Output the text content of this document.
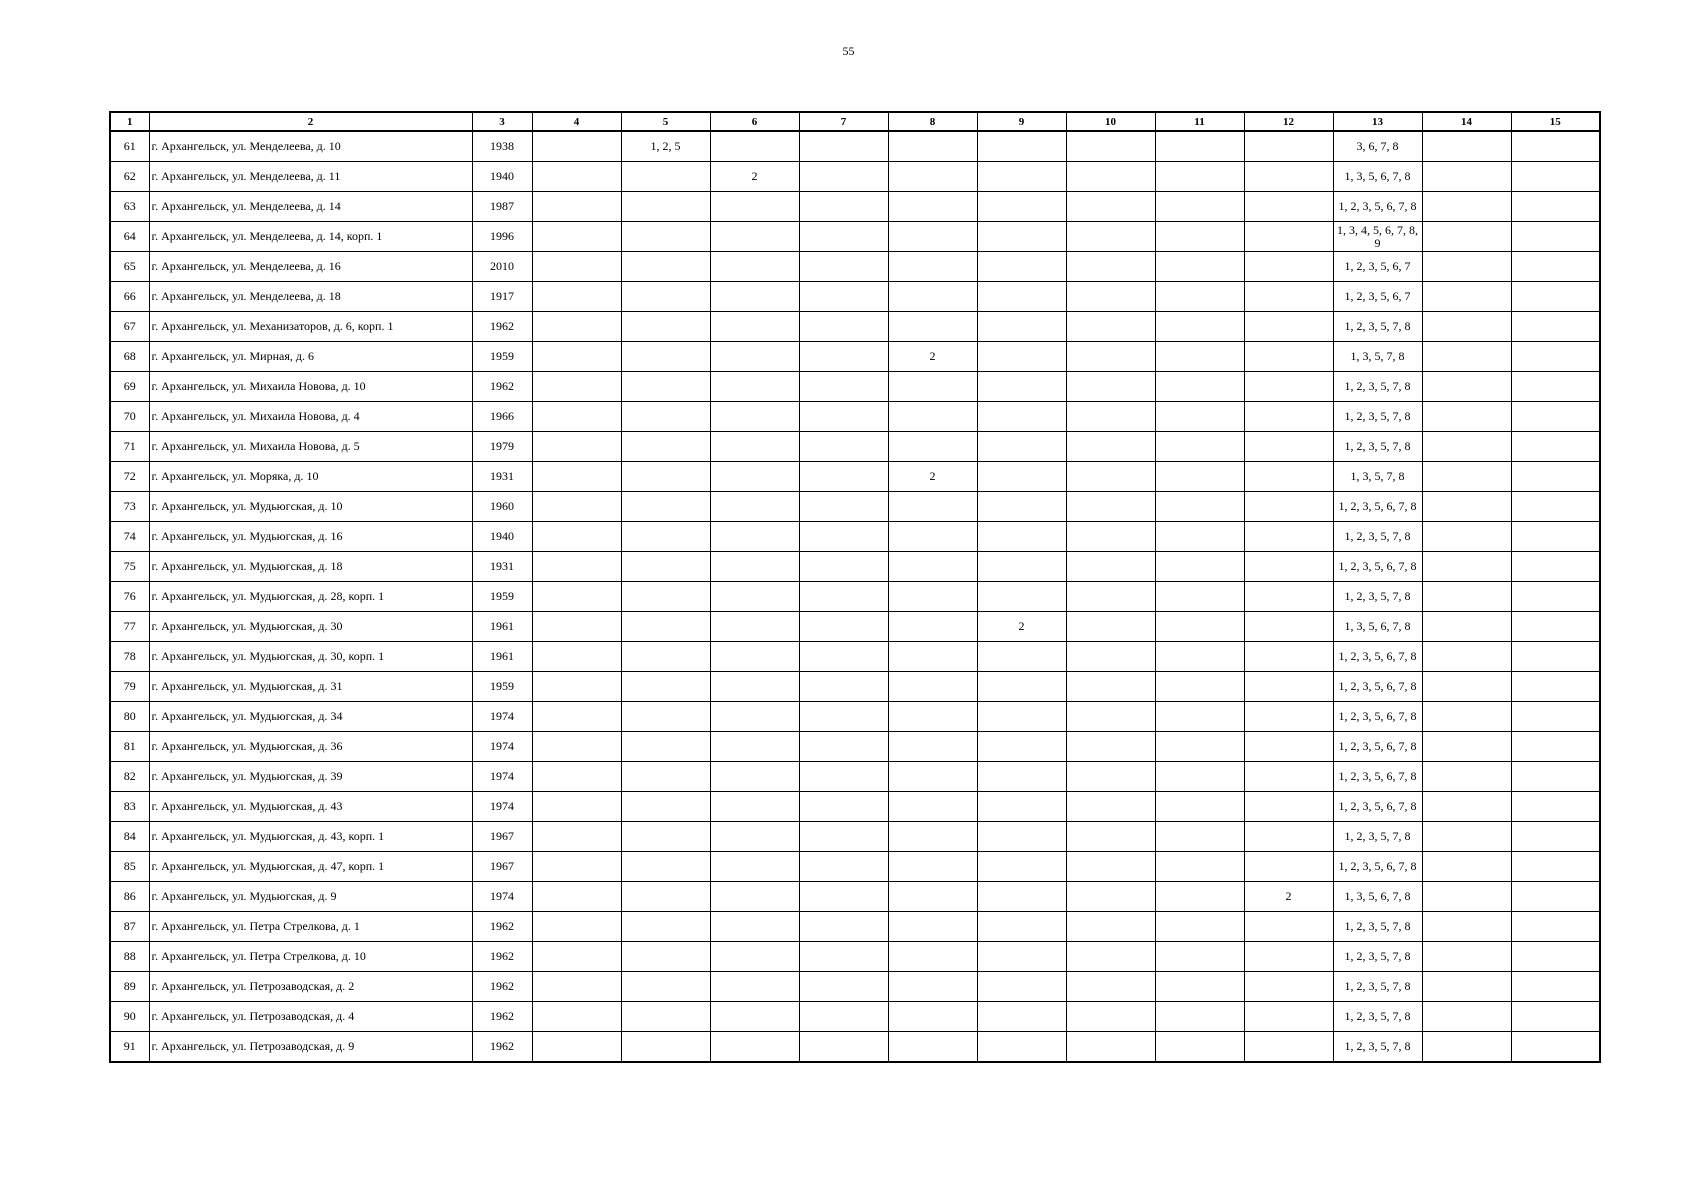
55
1	2	3	4	5	6	7	8	9	10	11	12	13	14	15
61	г. Архангельск, ул. Менделеева, д. 10	1938		1, 2, 5								3, 6, 7, 8		
62	г. Архангельск, ул. Менделеева, д. 11	1940			2							1, 3, 5, 6, 7, 8		
63	г. Архангельск, ул. Менделеева, д. 14	1987										1, 2, 3, 5, 6, 7, 8		
64	г. Архангельск, ул. Менделеева, д. 14, корп. 1	1996										1, 3, 4, 5, 6, 7, 8, 9		
65	г. Архангельск, ул. Менделеева, д. 16	2010										1, 2, 3, 5, 6, 7		
66	г. Архангельск, ул. Менделеева, д. 18	1917										1, 2, 3, 5, 6, 7		
67	г. Архангельск, ул. Механизаторов, д. 6, корп. 1	1962										1, 2, 3, 5, 7, 8		
68	г. Архангельск, ул. Мирная, д. 6	1959					2					1, 3, 5, 7, 8		
69	г. Архангельск, ул. Михаила Новова, д. 10	1962										1, 2, 3, 5, 7, 8		
70	г. Архангельск, ул. Михаила Новова, д. 4	1966										1, 2, 3, 5, 7, 8		
71	г. Архангельск, ул. Михаила Новова, д. 5	1979										1, 2, 3, 5, 7, 8		
72	г. Архангельск, ул. Моряка, д. 10	1931					2					1, 3, 5, 7, 8		
73	г. Архангельск, ул. Мудьюгская, д. 10	1960										1, 2, 3, 5, 6, 7, 8		
74	г. Архангельск, ул. Мудьюгская, д. 16	1940										1, 2, 3, 5, 7, 8		
75	г. Архангельск, ул. Мудьюгская, д. 18	1931										1, 2, 3, 5, 6, 7, 8		
76	г. Архангельск, ул. Мудьюгская, д. 28, корп. 1	1959										1, 2, 3, 5, 7, 8		
77	г. Архангельск, ул. Мудьюгская, д. 30	1961						2				1, 3, 5, 6, 7, 8		
78	г. Архангельск, ул. Мудьюгская, д. 30, корп. 1	1961										1, 2, 3, 5, 6, 7, 8		
79	г. Архангельск, ул. Мудьюгская, д. 31	1959										1, 2, 3, 5, 6, 7, 8		
80	г. Архангельск, ул. Мудьюгская, д. 34	1974										1, 2, 3, 5, 6, 7, 8		
81	г. Архангельск, ул. Мудьюгская, д. 36	1974										1, 2, 3, 5, 6, 7, 8		
82	г. Архангельск, ул. Мудьюгская, д. 39	1974										1, 2, 3, 5, 6, 7, 8		
83	г. Архангельск, ул. Мудьюгская, д. 43	1974										1, 2, 3, 5, 6, 7, 8		
84	г. Архангельск, ул. Мудьюгская, д. 43, корп. 1	1967										1, 2, 3, 5, 7, 8		
85	г. Архангельск, ул. Мудьюгская, д. 47, корп. 1	1967										1, 2, 3, 5, 6, 7, 8		
86	г. Архангельск, ул. Мудьюгская, д. 9	1974									2	1, 3, 5, 6, 7, 8		
87	г. Архангельск, ул. Петра Стрелкова, д. 1	1962										1, 2, 3, 5, 7, 8		
88	г. Архангельск, ул. Петра Стрелкова, д. 10	1962										1, 2, 3, 5, 7, 8		
89	г. Архангельск, ул. Петрозаводская, д. 2	1962										1, 2, 3, 5, 7, 8		
90	г. Архангельск, ул. Петрозаводская, д. 4	1962										1, 2, 3, 5, 7, 8		
91	г. Архангельск, ул. Петрозаводская, д. 9	1962										1, 2, 3, 5, 7, 8		
